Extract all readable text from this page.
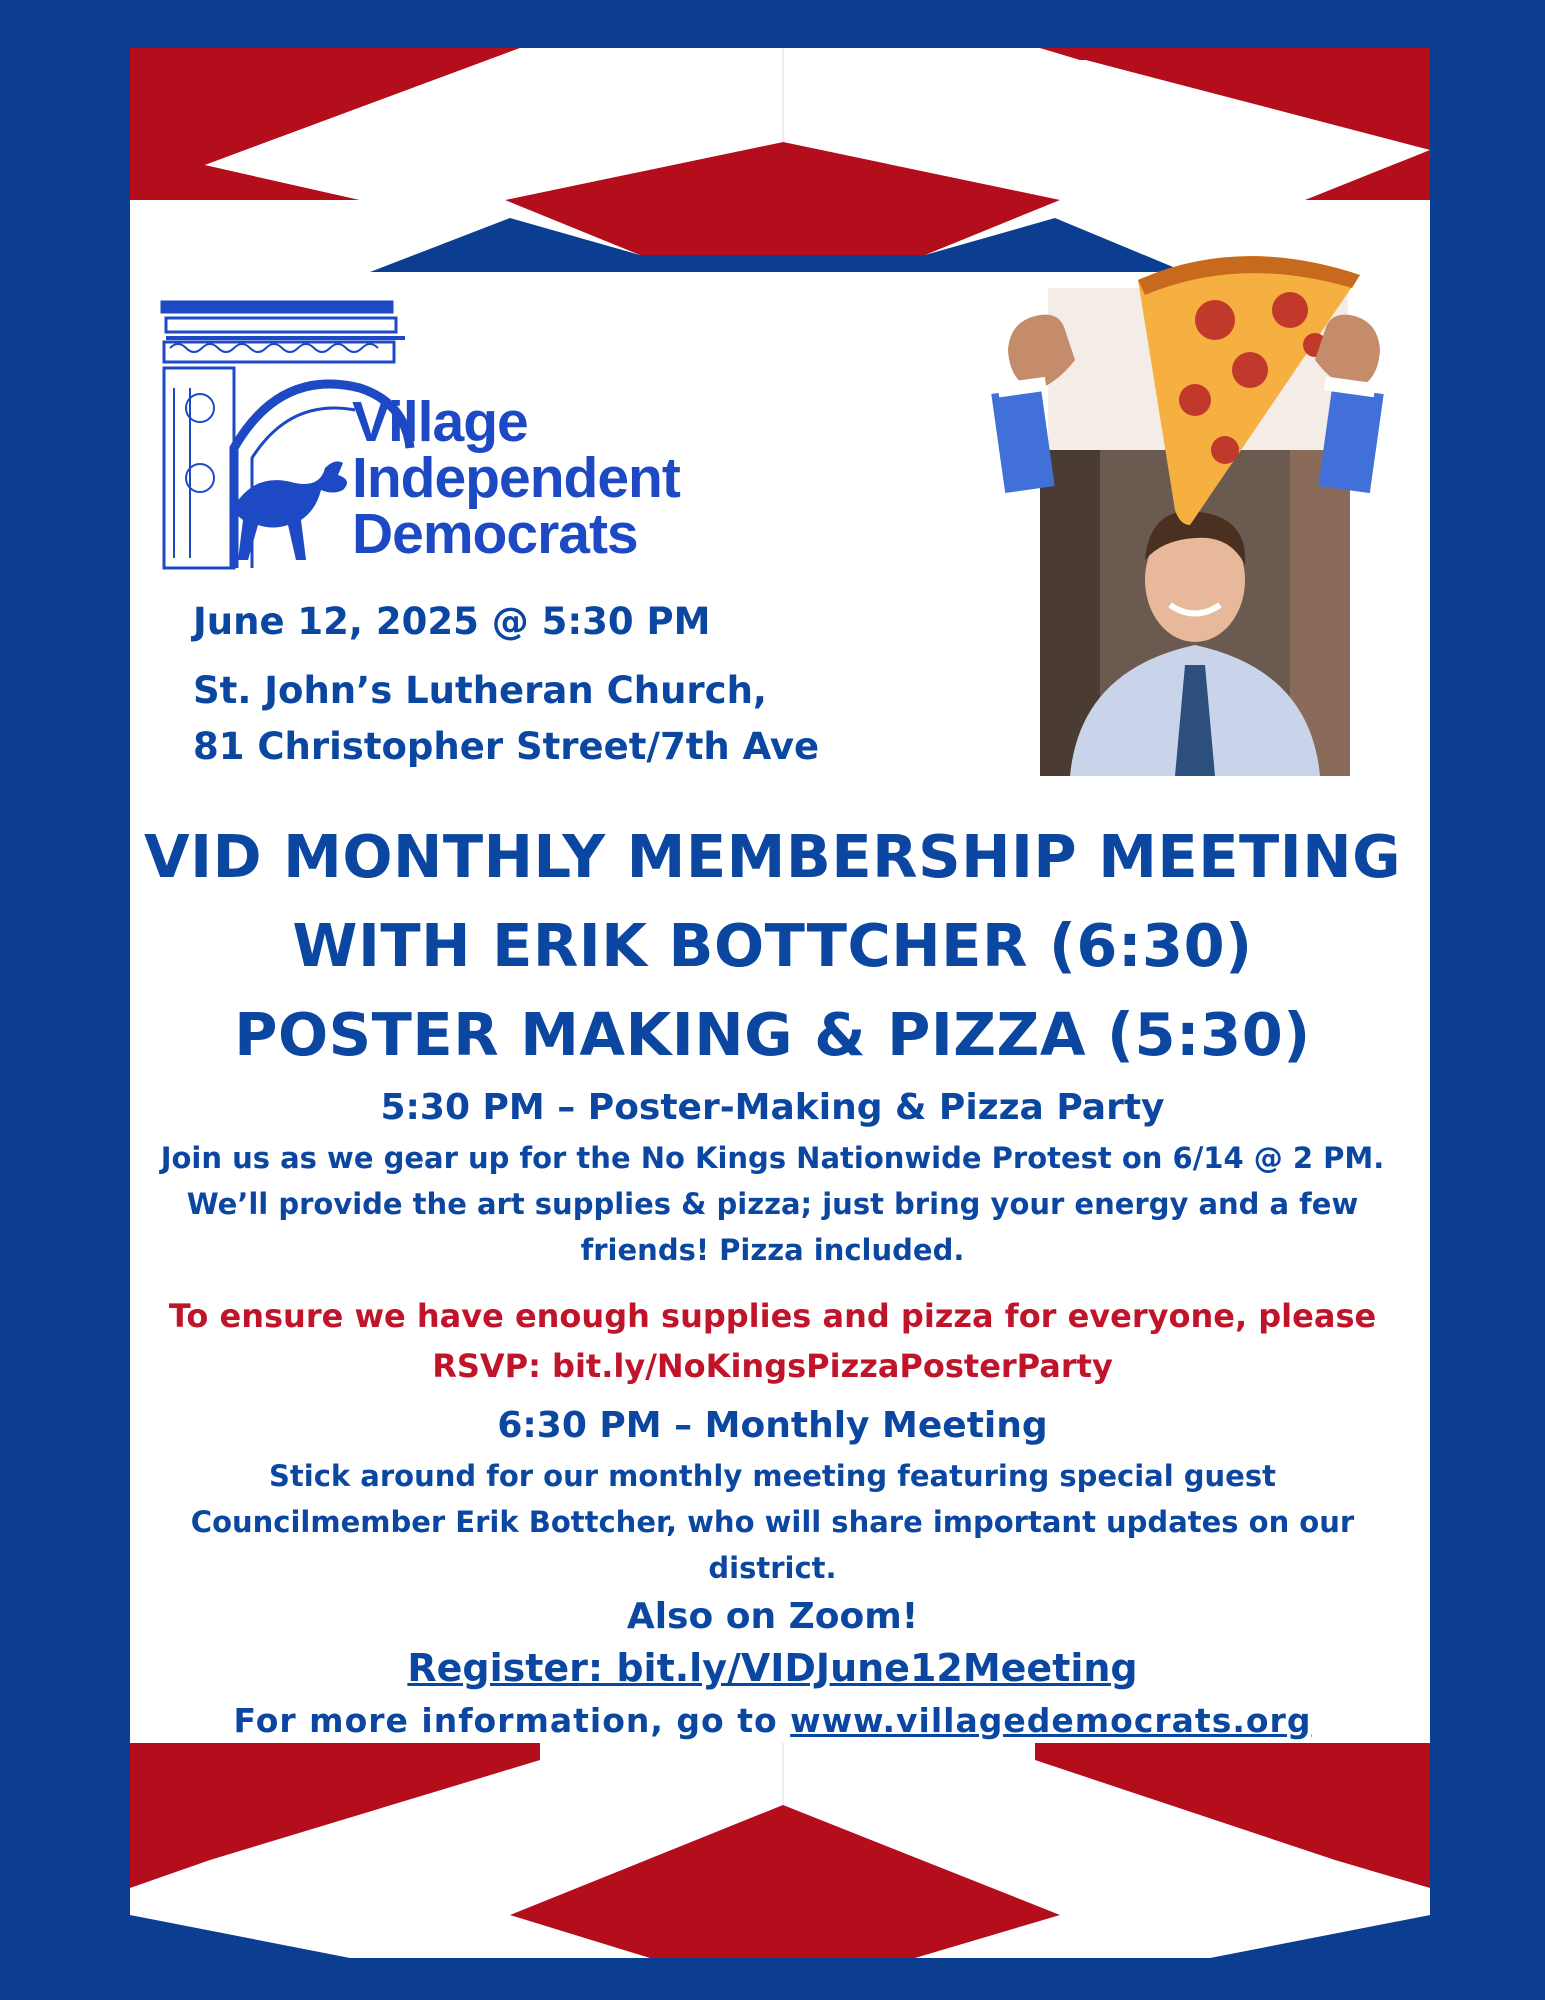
Village
Independent
Democrats
June 12, 2025 @ 5:30 PM
St. John’s Lutheran Church,
81 Christopher Street/7th Ave
VID MONTHLY MEMBERSHIP MEETING
WITH ERIK BOTTCHER (6:30)
POSTER MAKING & PIZZA (5:30)
5:30 PM – Poster-Making & Pizza Party
Join us as we gear up for the No Kings Nationwide Protest on 6/14 @ 2 PM.
We’ll provide the art supplies & pizza; just bring your energy and a few
friends! Pizza included.
To ensure we have enough supplies and pizza for everyone, please
RSVP: bit.ly/NoKingsPizzaPosterParty
6:30 PM – Monthly Meeting
Stick around for our monthly meeting featuring special guest
Councilmember Erik Bottcher, who will share important updates on our
district.
Also on Zoom!
Register: bit.ly/VIDJune12Meeting
For more information, go to www.villagedemocrats.org
